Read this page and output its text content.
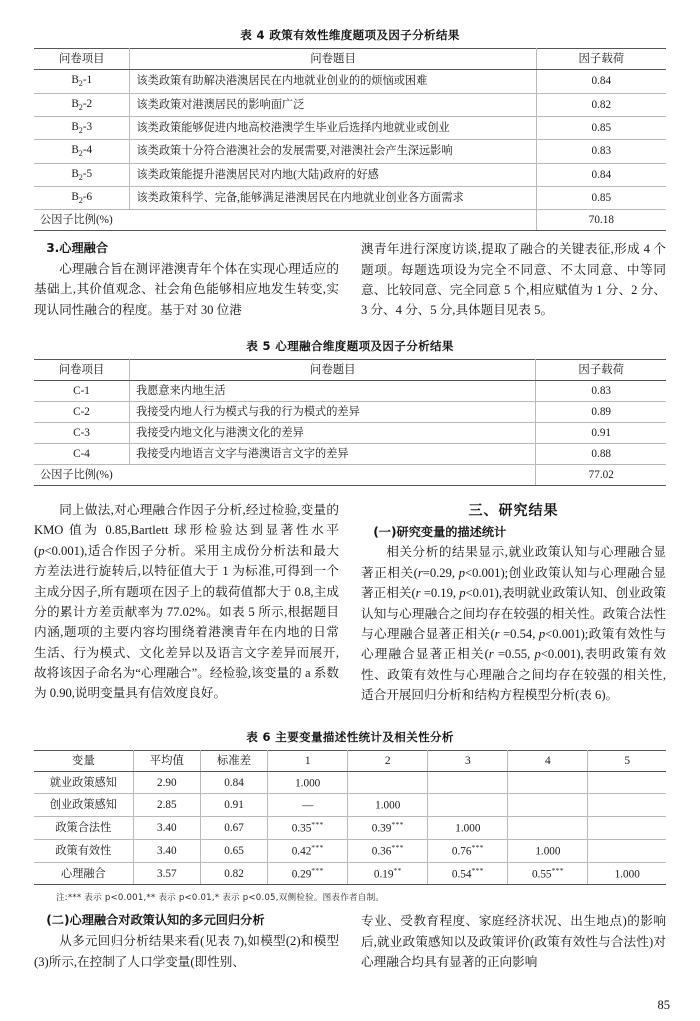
表 4 政策有效性维度题项及因子分析结果
问卷项目	问卷题目	因子载荷
$B_2-1$	该类政策有助解决港澳居民在内地就业创业的的烦恼或困难	0.84
$B_2-2$	该类政策对港澳居民的影响面广泛	0.82
$B_2-3$	该类政策能够促进内地高校港澳学生毕业后选择内地就业或创业	0.85
$B_2-4$	该类政策十分符合港澳社会的发展需要,对港澳社会产生深远影响	0.83
$B_2-5$	该类政策能提升港澳居民对内地(大陆)政府的好感	0.84
$B_2-6$	该类政策科学、完备,能够满足港澳居民在内地就业创业各方面需求	0.85
公因子比例(%)		70.18

3.心理融合

心理融合旨在测评港澳青年个体在实现心理适应的基础上,其价值观念、社会角色能够相应地发生转变,实现认同性融合的程度。基于对 30 位港

澳青年进行深度访谈,提取了融合的关键表征,形成 4 个题项。每题选项设为完全不同意、不太同意、中等同意、比较同意、完全同意 5 个,相应赋值为 1 分、2 分、3 分、4 分、5 分,具体题目见表 5。

表 5 心理融合维度题项及因子分析结果
问卷项目	问卷题目	因子载荷
C-1	我愿意来内地生活	0.83
C-2	我接受内地人行为模式与我的行为模式的差异	0.89
C-3	我接受内地文化与港澳文化的差异	0.91
C-4	我接受内地语言文字与港澳语言文字的差异	0.88
公因子比例(%)		77.02

同上做法,对心理融合作因子分析,经过检验,变量的 KMO 值为 0.85,Bartlett 球形检验达到显著性水平(p<0.001),适合作因子分析。采用主成份分析法和最大方差法进行旋转后,以特征值大于 1 为标准,可得到一个主成分因子,所有题项在因子上的载荷值都大于 0.8,主成分的累计方差贡献率为 77.02%。如表 5 所示,根据题目内涵,题项的主要内容均围绕着港澳青年在内地的日常生活、行为模式、文化差异以及语言文字差异而展开,故将该因子命名为“心理融合”。经检验,该变量的 a 系数为 0.90,说明变量具有信效度良好。

三、研究结果

(一)研究变量的描述统计

相关分析的结果显示,就业政策认知与心理融合显著正相关(r=0.29, p<0.001);创业政策认知与心理融合显著正相关(r =0.19, p<0.01),表明就业政策认知、创业政策认知与心理融合之间均存在较强的相关性。政策合法性与心理融合显著正相关(r =0.54, p<0.001);政策有效性与心理融合显著正相关(r =0.55, p<0.001),表明政策有效性、政策有效性与心理融合之间均存在较强的相关性,适合开展回归分析和结构方程模型分析(表 6)。

表 6 主要变量描述性统计及相关性分析
变量	平均值	标准差	1	2	3	4	5
就业政策感知	2.90	0.84	1.000				
创业政策感知	2.85	0.91	—	1.000			
政策合法性	3.40	0.67	0.35***	0.39***	1.000		
政策有效性	3.40	0.65	0.42***	0.36***	0.76***	1.000	
心理融合	3.57	0.82	0.29***	0.19**	0.54***	0.55***	1.000
注:*** 表示 p<0.001,** 表示 p<0.01,* 表示 p<0.05,双侧检验。图表作者自制。

(二)心理融合对政策认知的多元回归分析

从多元回归分析结果来看(见表 7),如模型(2)和模型(3)所示,在控制了人口学变量(即性别、

专业、受教育程度、家庭经济状况、出生地点)的影响后,就业政策感知以及政策评价(政策有效性与合法性)对心理融合均具有显著的正向影响

85
